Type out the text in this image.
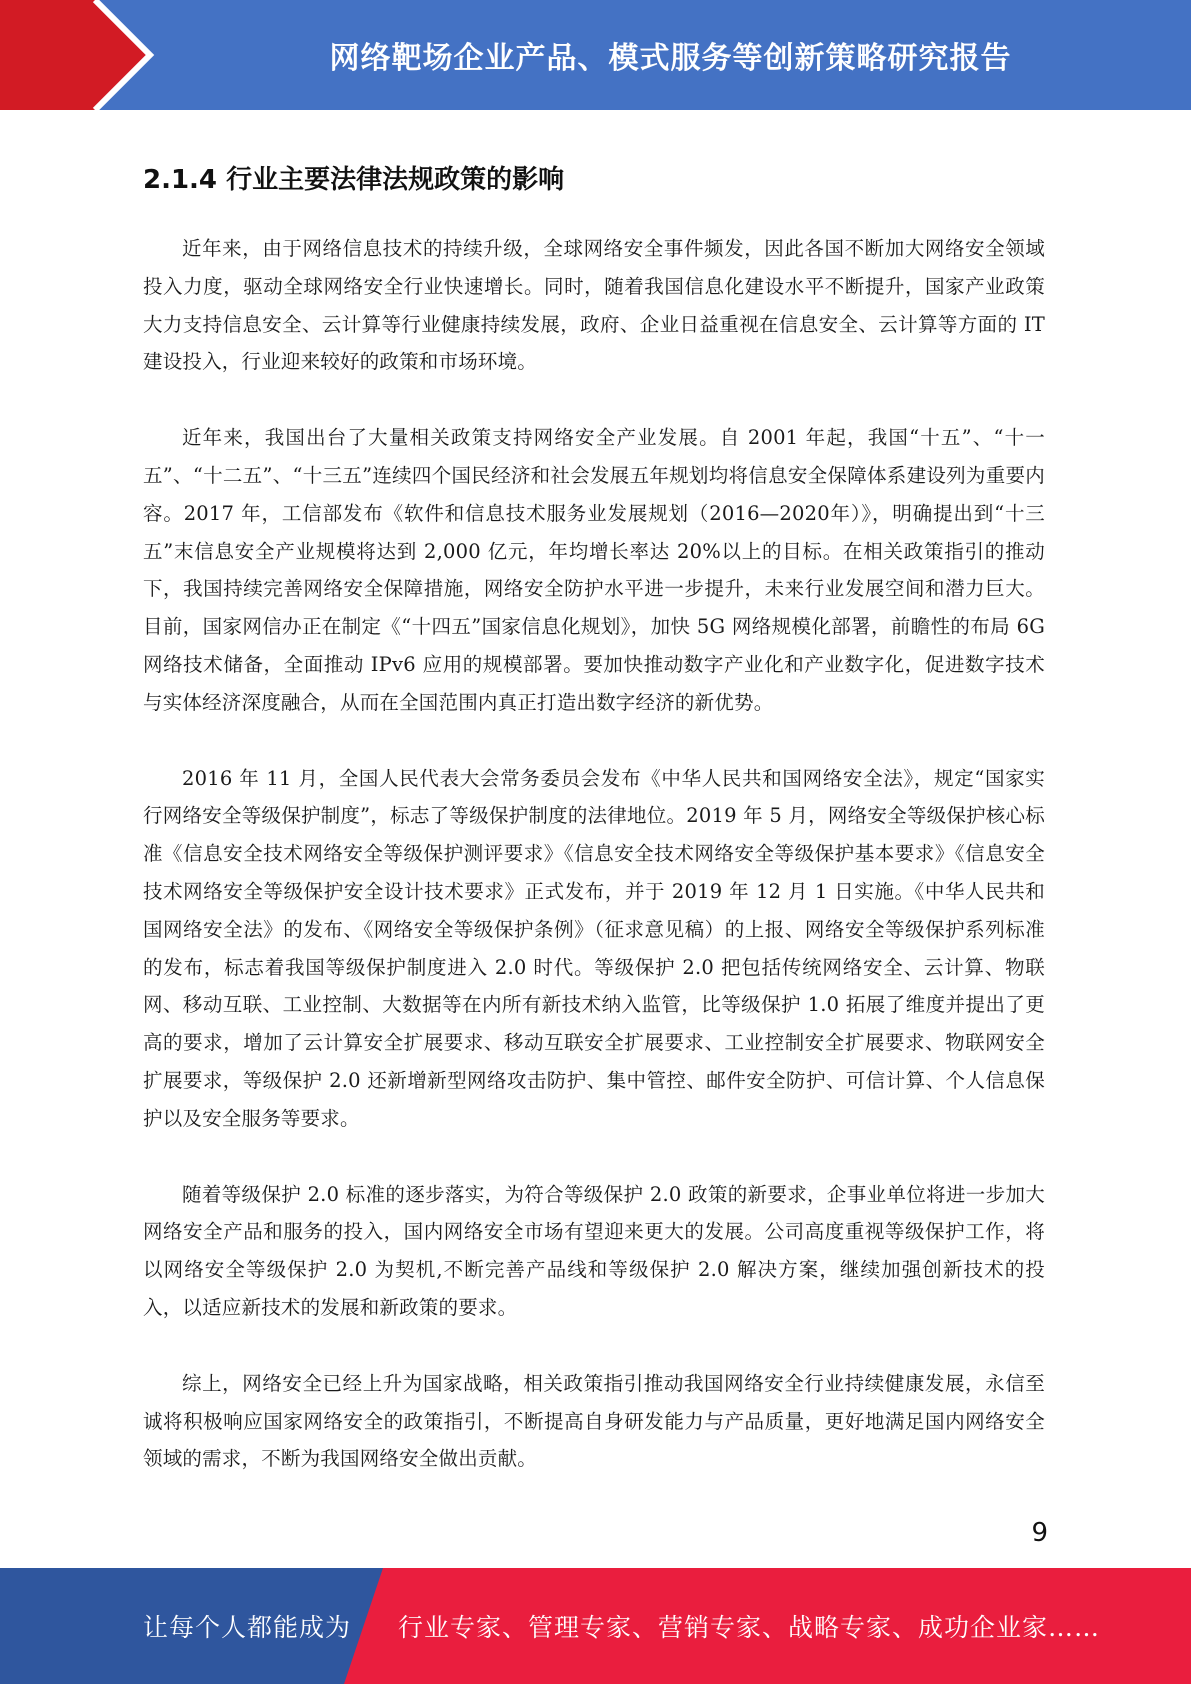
网络靶场企业产品、模式服务等创新策略研究报告
2.1.4 行业主要法律法规政策的影响

近年来，由于网络信息技术的持续升级，全球网络安全事件频发，因此各国不断加大网络安全领域投入力度，驱动全球网络安全行业快速增长。同时，随着我国信息化建设水平不断提升，国家产业政策大力支持信息安全、云计算等行业健康持续发展，政府、企业日益重视在信息安全、云计算等方面的 IT 建设投入，行业迎来较好的政策和市场环境。

近年来，我国出台了大量相关政策支持网络安全产业发展。自 2001 年起，我国“十五”、“十一五”、“十二五”、“十三五”连续四个国民经济和社会发展五年规划均将信息安全保障体系建设列为重要内容。2017 年，工信部发布《软件和信息技术服务业发展规划（2016—2020年）》，明确提出到“十三五”末信息安全产业规模将达到 2,000 亿元，年均增长率达 20%以上的目标。在相关政策指引的推动下，我国持续完善网络安全保障措施，网络安全防护水平进一步提升，未来行业发展空间和潜力巨大。目前，国家网信办正在制定《“十四五”国家信息化规划》，加快 5G 网络规模化部署，前瞻性的布局 6G 网络技术储备，全面推动 IPv6 应用的规模部署。要加快推动数字产业化和产业数字化，促进数字技术与实体经济深度融合，从而在全国范围内真正打造出数字经济的新优势。

2016 年 11 月，全国人民代表大会常务委员会发布《中华人民共和国网络安全法》，规定“国家实行网络安全等级保护制度”，标志了等级保护制度的法律地位。2019 年 5 月，网络安全等级保护核心标准《信息安全技术网络安全等级保护测评要求》《信息安全技术网络安全等级保护基本要求》《信息安全技术网络安全等级保护安全设计技术要求》正式发布，并于 2019 年 12 月 1 日实施。《中华人民共和国网络安全法》的发布、《网络安全等级保护条例》（征求意见稿）的上报、网络安全等级保护系列标准的发布，标志着我国等级保护制度进入 2.0 时代。等级保护 2.0 把包括传统网络安全、云计算、物联网、移动互联、工业控制、大数据等在内所有新技术纳入监管，比等级保护 1.0 拓展了维度并提出了更高的要求，增加了云计算安全扩展要求、移动互联安全扩展要求、工业控制安全扩展要求、物联网安全扩展要求，等级保护 2.0 还新增新型网络攻击防护、集中管控、邮件安全防护、可信计算、个人信息保护以及安全服务等要求。

随着等级保护 2.0 标准的逐步落实，为符合等级保护 2.0 政策的新要求，企事业单位将进一步加大网络安全产品和服务的投入，国内网络安全市场有望迎来更大的发展。公司高度重视等级保护工作，将以网络安全等级保护 2.0 为契机,不断完善产品线和等级保护 2.0 解决方案，继续加强创新技术的投入，以适应新技术的发展和新政策的要求。

综上，网络安全已经上升为国家战略，相关政策指引推动我国网络安全行业持续健康发展，永信至诚将积极响应国家网络安全的政策指引，不断提高自身研发能力与产品质量，更好地满足国内网络安全领域的需求，不断为我国网络安全做出贡献。

9
让每个人都能成为 行业专家、管理专家、营销专家、战略专家、成功企业家……
